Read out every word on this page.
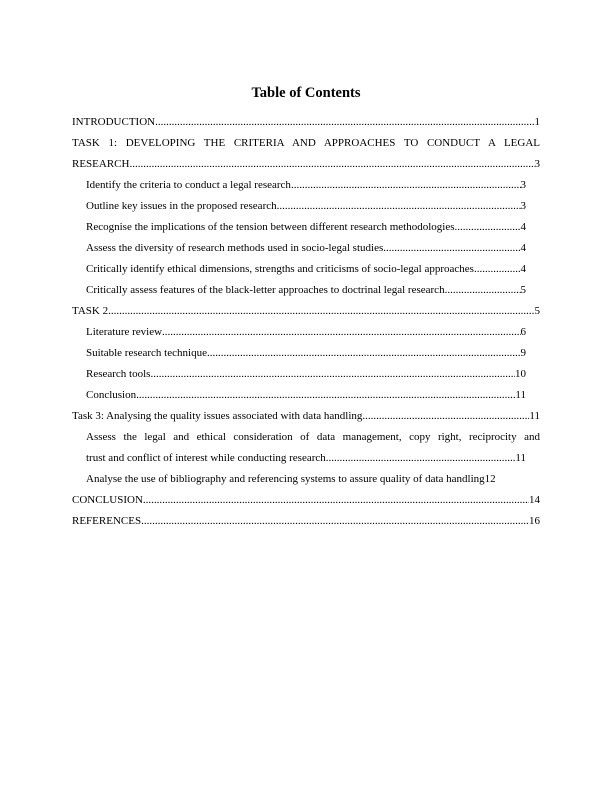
Table of Contents
INTRODUCTION .....	1
TASK 1: DEVELOPING THE CRITERIA AND APPROACHES TO CONDUCT A LEGAL
RESEARCH .....	3
Identify the criteria to conduct a legal research .....	3
Outline key issues in the proposed research .....	3
Recognise the implications of the tension between different research methodologies .....	4
Assess the diversity of research methods used in socio-legal studies .....	4
Critically identify ethical dimensions, strengths and criticisms of socio-legal approaches .....	4
Critically assess features of the black-letter approaches to doctrinal legal research .....	5
TASK 2 .....	5
Literature review .....	6
Suitable research technique .....	9
Research tools .....	10
Conclusion .....	11
Task 3: Analysing the quality issues associated with data handling .....	11
Assess the legal and ethical consideration of data management, copy right, reciprocity and
trust and conflict of interest while conducting research .....	11
Analyse the use of bibliography and referencing systems to assure quality of data handling 12
CONCLUSION .....	14
REFERENCES .....	16
